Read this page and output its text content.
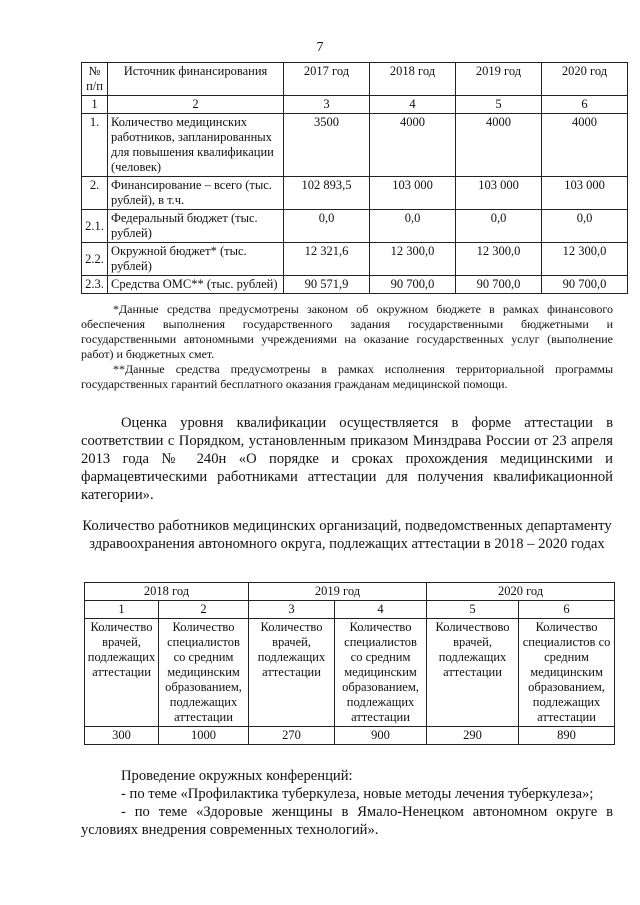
7
№ п/п	Источник финансирования	2017 год	2018 год	2019 год	2020 год
1	2	3	4	5	6
1.	Количество медицинских работников, запланированных для повышения квалификации (человек)	3500	4000	4000	4000
2.	Финансирование – всего (тыс. рублей), в т.ч.	102 893,5	103 000	103 000	103 000
2.1.	Федеральный бюджет (тыс. рублей)	0,0	0,0	0,0	0,0
2.2.	Окружной бюджет* (тыс. рублей)	12 321,6	12 300,0	12 300,0	12 300,0
2.3.	Средства ОМС** (тыс. рублей)	90 571,9	90 700,0	90 700,0	90 700,0
*Данные средства предусмотрены законом об окружном бюджете в рамках финансового обеспечения выполнения государственного задания государственными бюджетными и государственными автономными учреждениями на оказание государственных услуг (выполнение работ) и бюджетных смет.
**Данные средства предусмотрены в рамках исполнения территориальной программы государственных гарантий бесплатного оказания гражданам медицинской помощи.
Оценка уровня квалификации осуществляется в форме аттестации в соответствии с Порядком, установленным приказом Минздрава России от 23 апреля 2013 года № 240н «О порядке и сроках прохождения медицинскими и фармацевтическими работниками аттестации для получения квалификационной категории».
Количество работников медицинских организаций, подведомственных департаменту здравоохранения автономного округа, подлежащих аттестации в 2018 – 2020 годах
2018 год		2019 год		2020 год	
1	2	3	4	5	6
Количество врачей, подлежащих аттестации	Количество специалистов со средним медицинским образованием, подлежащих аттестации	Количество врачей, подлежащих аттестации	Количество специалистов со средним медицинским образованием, подлежащих аттестации	Количествово врачей, подлежащих аттестации	Количество специалистов со средним медицинским образованием, подлежащих аттестации
300	1000	270	900	290	890
Проведение окружных конференций:
- по теме «Профилактика туберкулеза, новые методы лечения туберкулеза»;
- по теме «Здоровые женщины в Ямало-Ненецком автономном округе в условиях внедрения современных технологий».
